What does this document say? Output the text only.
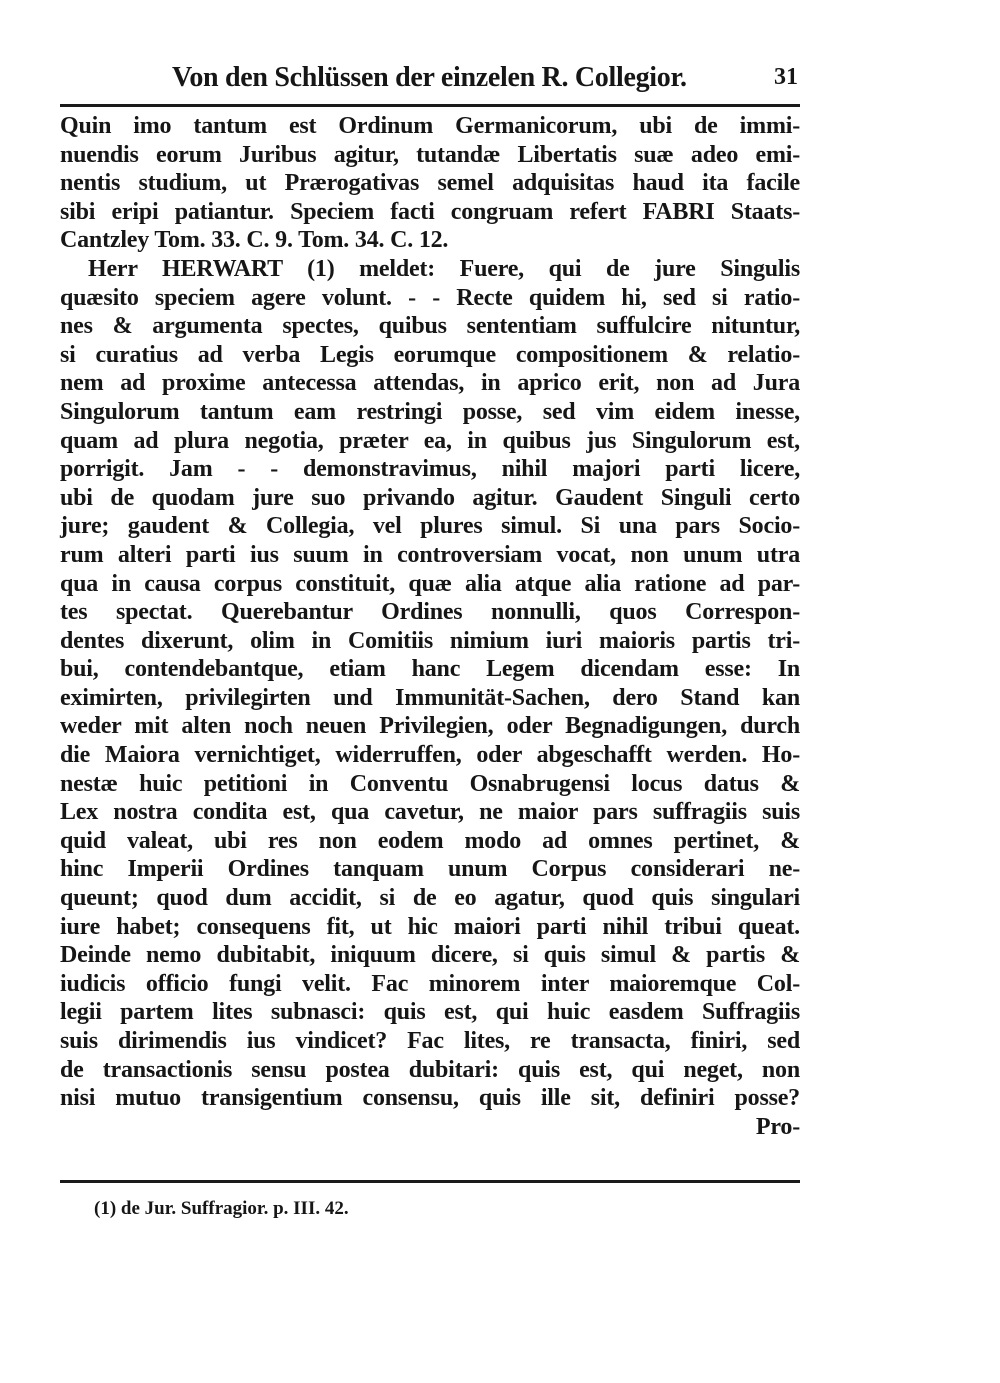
Von den Schlüssen der einzelen R. Collegior.	31
Quin imo tantum est Ordinum Germanicorum, ubi de immi-
nuendis eorum Juribus agitur, tutandæ Libertatis suæ adeo emi-
nentis studium, ut Prærogativas semel adquisitas haud ita facile
sibi eripi patiantur. Speciem facti congruam refert FABRI Staats-
Cantzley Tom. 33. C. 9. Tom. 34. C. 12.
Herr HERWART (1) meldet: Fuere, qui de jure Singulis
quæsito speciem agere volunt. - - Recte quidem hi, sed si ratio-
nes & argumenta spectes, quibus sententiam suffulcire nituntur,
si curatius ad verba Legis eorumque compositionem & relatio-
nem ad proxime antecessa attendas, in aprico erit, non ad Jura
Singulorum tantum eam restringi posse, sed vim eidem inesse,
quam ad plura negotia, præter ea, in quibus jus Singulorum est,
porrigit. Jam - - demonstravimus, nihil majori parti licere,
ubi de quodam jure suo privando agitur. Gaudent Singuli certo
jure; gaudent & Collegia, vel plures simul. Si una pars Socio-
rum alteri parti ius suum in controversiam vocat, non unum utra
qua in causa corpus constituit, quæ alia atque alia ratione ad par-
tes spectat. Querebantur Ordines nonnulli, quos Correspon-
dentes dixerunt, olim in Comitiis nimium iuri maioris partis tri-
bui, contendebantque, etiam hanc Legem dicendam esse: In
eximirten, privilegirten und Immunität-Sachen, dero Stand kan
weder mit alten noch neuen Privilegien, oder Begnadigungen, durch
die Maiora vernichtiget, widerruffen, oder abgeschafft werden. Ho-
nestæ huic petitioni in Conventu Osnabrugensi locus datus &
Lex nostra condita est, qua cavetur, ne maior pars suffragiis suis
quid valeat, ubi res non eodem modo ad omnes pertinet, &
hinc Imperii Ordines tanquam unum Corpus considerari ne-
queunt; quod dum accidit, si de eo agatur, quod quis singulari
iure habet; consequens fit, ut hic maiori parti nihil tribui queat.
Deinde nemo dubitabit, iniquum dicere, si quis simul & partis &
iudicis officio fungi velit. Fac minorem inter maioremque Col-
legii partem lites subnasci: quis est, qui huic easdem Suffragiis
suis dirimendis ius vindicet? Fac lites, re transacta, finiri, sed
de transactionis sensu postea dubitari: quis est, qui neget, non
nisi mutuo transigentium consensu, quis ille sit, definiri posse?
Pro-
(1) de Jur. Suffragior. p. III. 42.
